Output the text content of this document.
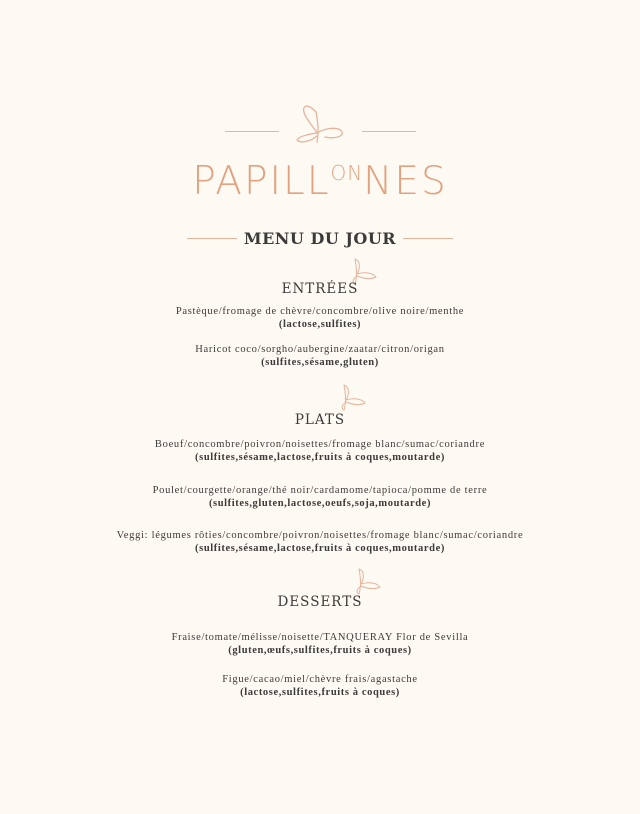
$PAPILL^{ON}NES$
MENU DU JOUR
ENTRÉES
Pastèque/fromage de chèvre/concombre/olive noire/menthe
(lactose,sulfites)
Haricot coco/sorgho/aubergine/zaatar/citron/origan
(sulfites,sésame,gluten)
PLATS
Boeuf/concombre/poivron/noisettes/fromage blanc/sumac/coriandre
(sulfites,sésame,lactose,fruits à coques,moutarde)
Poulet/courgette/orange/thé noir/cardamome/tapioca/pomme de terre
(sulfites,gluten,lactose,oeufs,soja,moutarde)
Veggi: légumes rôties/concombre/poivron/noisettes/fromage blanc/sumac/coriandre
(sulfites,sésame,lactose,fruits à coques,moutarde)
DESSERTS
Fraise/tomate/mélisse/noisette/TANQUERAY Flor de Sevilla
(gluten,œufs,sulfites,fruits à coques)
Figue/cacao/miel/chèvre frais/agastache
(lactose,sulfites,fruits à coques)
